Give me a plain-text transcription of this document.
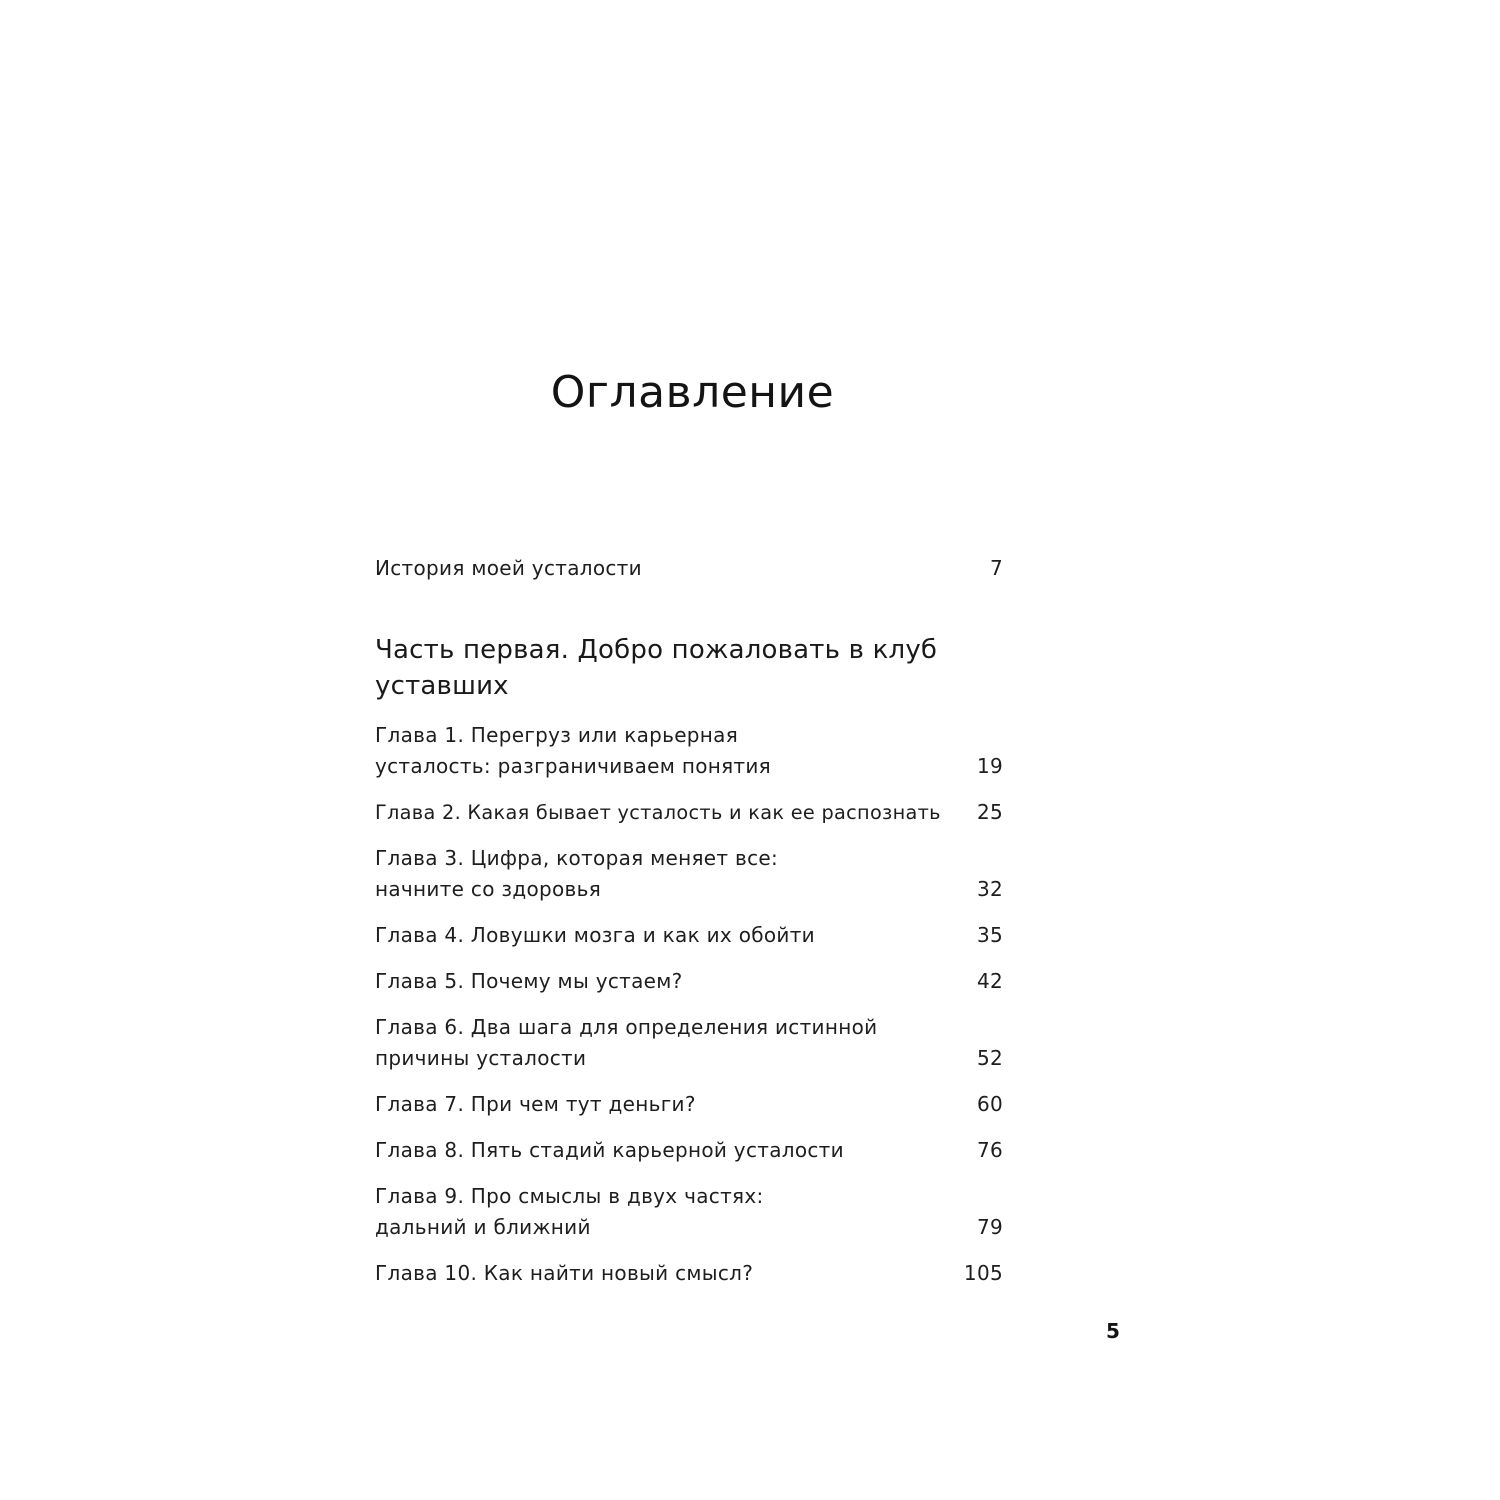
Оглавление
История моей усталости	7
Часть первая. Добро пожаловать в клуб уставших
Глава 1. Перегруз или карьерная усталость: разграничиваем понятия	19
Глава 2. Какая бывает усталость и как ее распознать	25
Глава 3. Цифра, которая меняет все: начните со здоровья	32
Глава 4. Ловушки мозга и как их обойти	35
Глава 5. Почему мы устаем?	42
Глава 6. Два шага для определения истинной причины усталости	52
Глава 7. При чем тут деньги?	60
Глава 8. Пять стадий карьерной усталости	76
Глава 9. Про смыслы в двух частях: дальний и ближний	79
Глава 10. Как найти новый смысл?	105
5
